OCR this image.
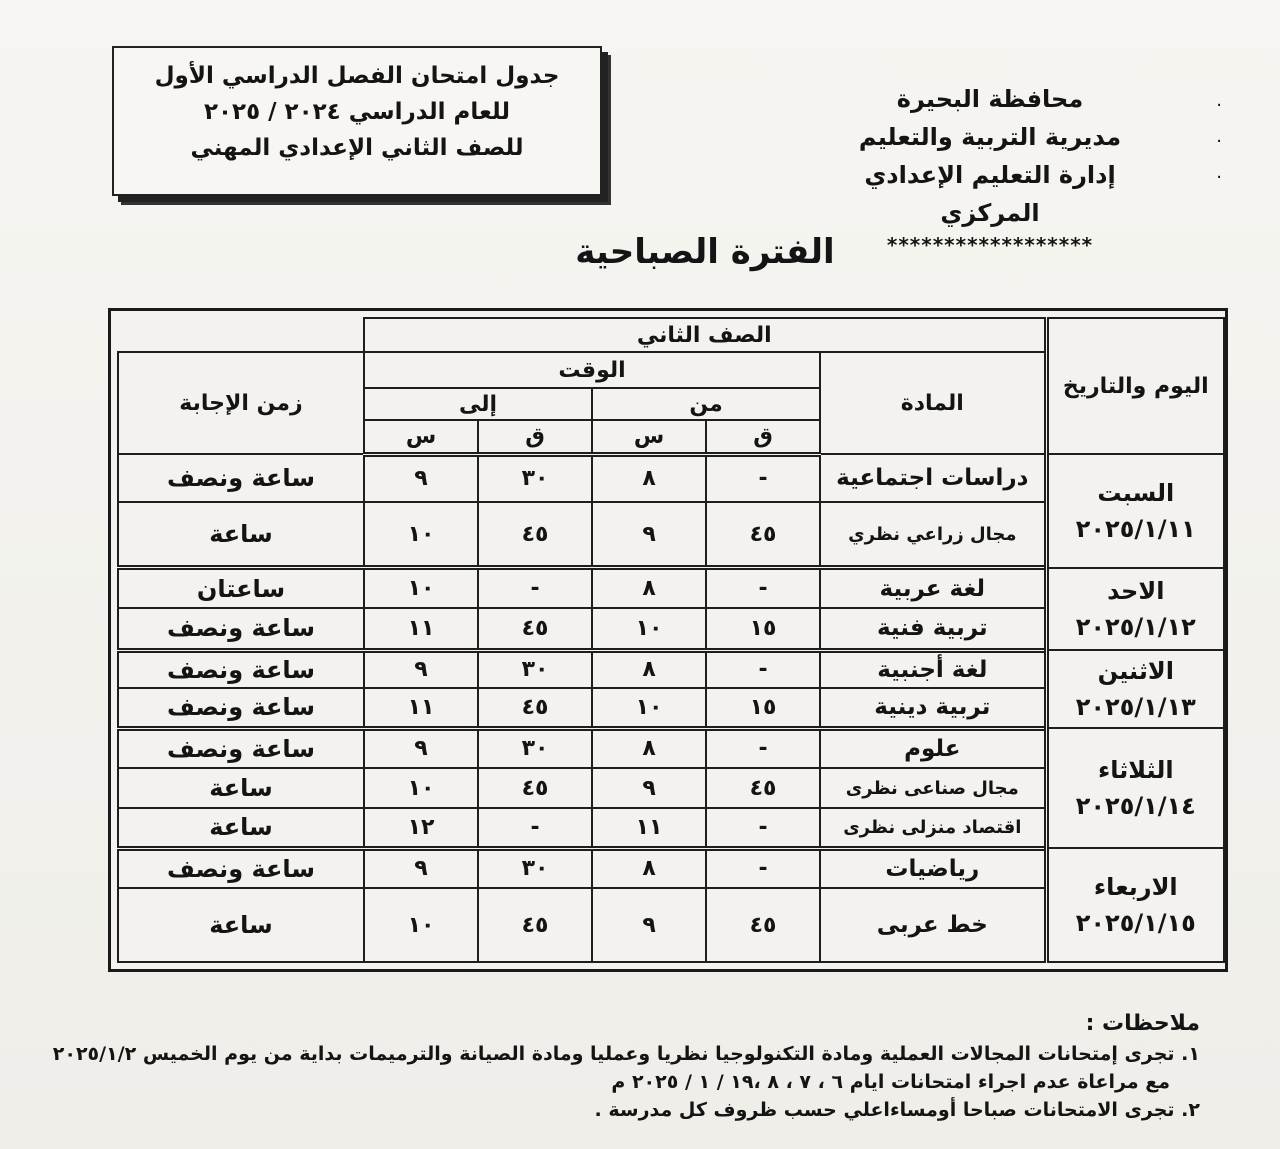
·
·
·
محافظة البحيرة
مديرية التربية والتعليم
إدارة التعليم الإعدادي المركزي
******************
جدول امتحان الفصل الدراسي الأول
للعام الدراسي ٢٠٢٤ / ٢٠٢٥
للصف الثاني الإعدادي المهني
الفترة الصباحية
اليوم والتاريخ	الصف الثاني					
	المادة	الوقت				زمن الإجابة
		من		إلى		
		ق	س	ق	س	

السبت
٢٠٢٥/١/١١	دراسات اجتماعية	-	٨	٣٠	٩	ساعة ونصف
	مجال زراعي نظري	٤٥	٩	٤٥	١٠	ساعة

الاحد
٢٠٢٥/١/١٢	لغة عربية	-	٨	-	١٠	ساعتان
	تربية فنية	١٥	١٠	٤٥	١١	ساعة ونصف

الاثنين
٢٠٢٥/١/١٣	لغة أجنبية	-	٨	٣٠	٩	ساعة ونصف
	تربية دينية	١٥	١٠	٤٥	١١	ساعة ونصف

الثلاثاء
٢٠٢٥/١/١٤	علوم	-	٨	٣٠	٩	ساعة ونصف
	مجال صناعى نظرى	٤٥	٩	٤٥	١٠	ساعة
	اقتصاد منزلى نظرى	-	١١	-	١٢	ساعة

الاربعاء
٢٠٢٥/١/١٥	رياضيات	-	٨	٣٠	٩	ساعة ونصف
	خط عربى	٤٥	٩	٤٥	١٠	ساعة
ملاحظات :
١. تجرى إمتحانات المجالات العملية ومادة التكنولوجيا نظريا وعمليا ومادة الصيانة والترميمات بداية من يوم الخميس ٢٠٢٥/١/٢
مع مراعاة عدم اجراء امتحانات ايام ٦ ، ٧ ، ٨ ،١٩ / ١ / ٢٠٢٥ م
٢. تجرى الامتحانات صباحا أومساءاعلي حسب ظروف كل مدرسة .
